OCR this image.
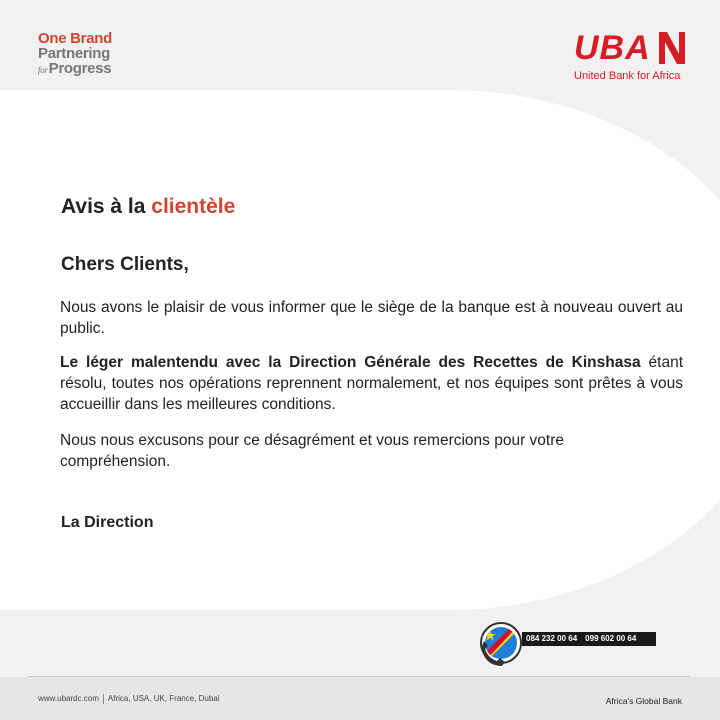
One Brand
Partnering
forProgress
UBA
United Bank for Africa
Avis à la clientèle
Chers Clients,
Nous avons le plaisir de vous informer que le siège de la banque est à nouveau ouvert au public.
Le léger malentendu avec la Direction Générale des Recettes de Kinshasa étant résolu, toutes nos opérations reprennent normalement, et nos équipes sont prêtes à vous accueillir dans les meilleures conditions.
Nous nous excusons pour ce désagrément et vous remercions pour votre compréhension.
La Direction
084 232 00 64 099 602 00 64
www.ubardc.com Africa, USA, UK, France, Dubai	Africa's Global Bank
